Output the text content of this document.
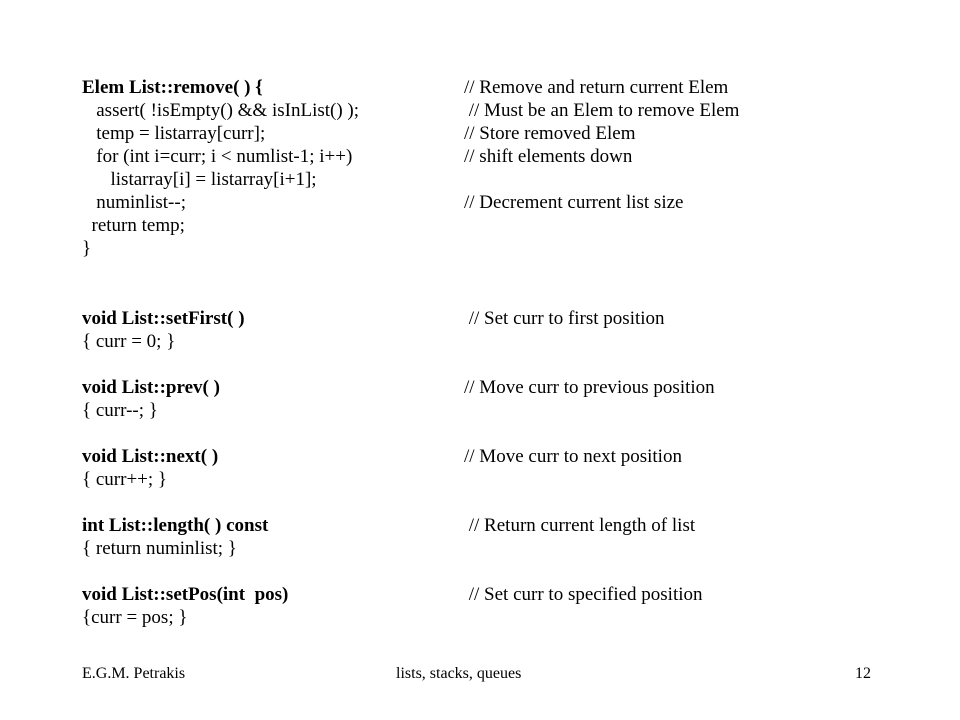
Elem List::remove( ) {	// Remove and return current Elem
assert( !isEmpty() && isInList() );	// Must be an Elem to remove Elem
temp = listarray[curr];	// Store removed Elem
for (int i=curr; i < numlist-1; i++)	// shift elements down
listarray[i] = listarray[i+1];
numinlist--;	// Decrement current list size
return temp;
}
void List::setFirst( )	// Set curr to first position
{ curr = 0; }
void List::prev( )	// Move curr to previous position
{ curr--; }
void List::next( )	// Move curr to next position
{ curr++; }
int List::length( ) const	// Return current length of list
{ return numinlist; }
void List::setPos(int  pos)	// Set curr to specified position
{curr = pos; }
E.G.M. Petrakis	lists, stacks, queues	12
